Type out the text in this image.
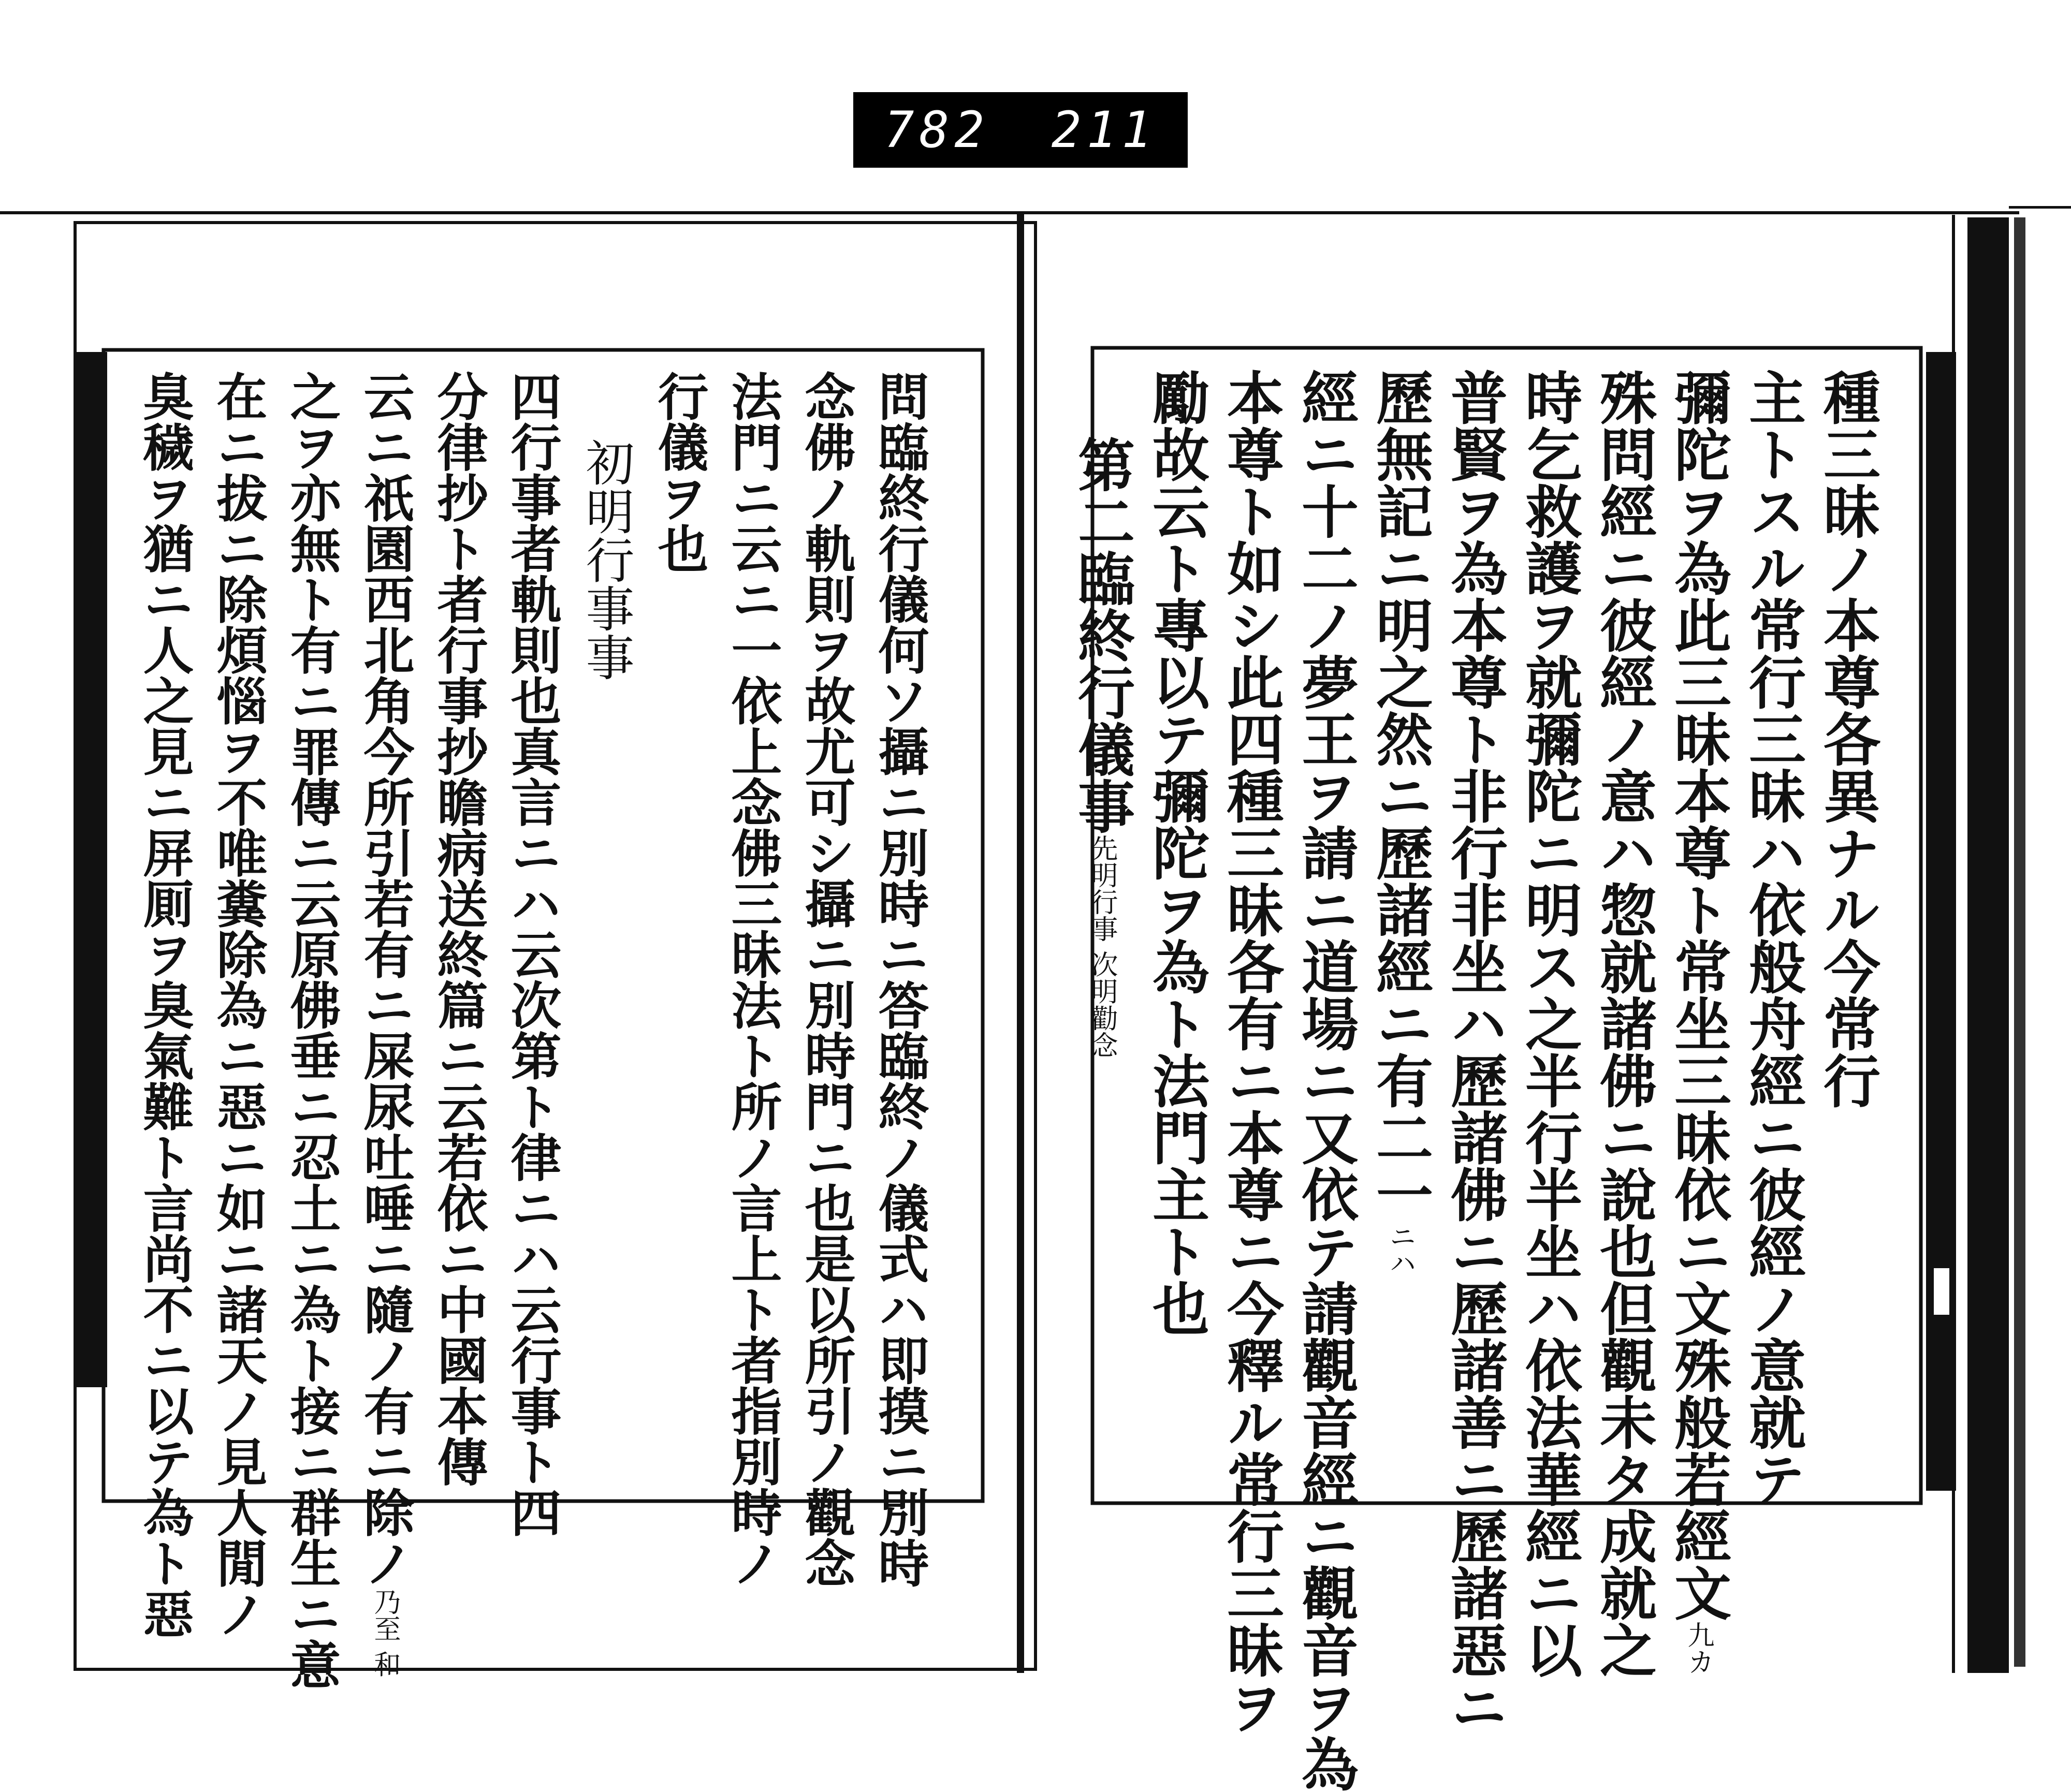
782 211
種三昧ノ本尊各異ナル今常行
主トスル常行三昧ハ依般舟經ニ彼經ノ意就テ
彌陀ヲ為此三昧本尊ト常坐三昧依ニ文殊般若經文九カ
殊問經ニ彼經ノ意ハ惣就諸佛ニ說也但觀未タ成就之
時乞救護ヲ就彌陀ニ明ス之半行半坐ハ依法華經ニ以
普賢ヲ為本尊ト非行非坐ハ歷諸佛ニ歷諸善ニ歷諸惡ニ
歷無記ニ明之然ニ歷諸經ニ有二一ニハ
經ニ十二ノ夢王ヲ請ニ道場ニ又依テ請觀音經ニ觀音ヲ為
本尊ト如シ此四種三昧各有ニ本尊ニ今釋ル常行三昧ヲ
勵故云ト專以テ彌陀ヲ為ト法門主ト也
第二臨終行儀事先明行事 次明勸念
問臨終行儀何ソ攝ニ別時ニ答臨終ノ儀式ハ即摸ニ別時
念佛ノ軌則ヲ故尤可シ攝ニ別時門ニ也是以所引ノ觀念
法門ニ云ニ一依上念佛三昧法ト所ノ言上ト者指別時ノ
行儀ヲ也
初明行事事
四行事者軌則也真言ニハ云次第ト律ニハ云行事ト四
分律抄ト者行事抄瞻病送終篇ニ云若依ニ中國本傳
云ニ祇園西北角今所引若有ニ屎尿吐唾ニ隨ノ有ニ除ノ乃至 和
之ヲ亦無ト有ニ罪傳ニ云原佛垂ニ忍土ニ為ト接ニ群生ニ意
在ニ拔ニ除煩惱ヲ不唯糞除為ニ惡ニ如ニ諸天ノ見人閒ノ
臭穢ヲ猶ニ人之見ニ屏厠ヲ臭氣難ト言尚不ニ以テ為ト惡
